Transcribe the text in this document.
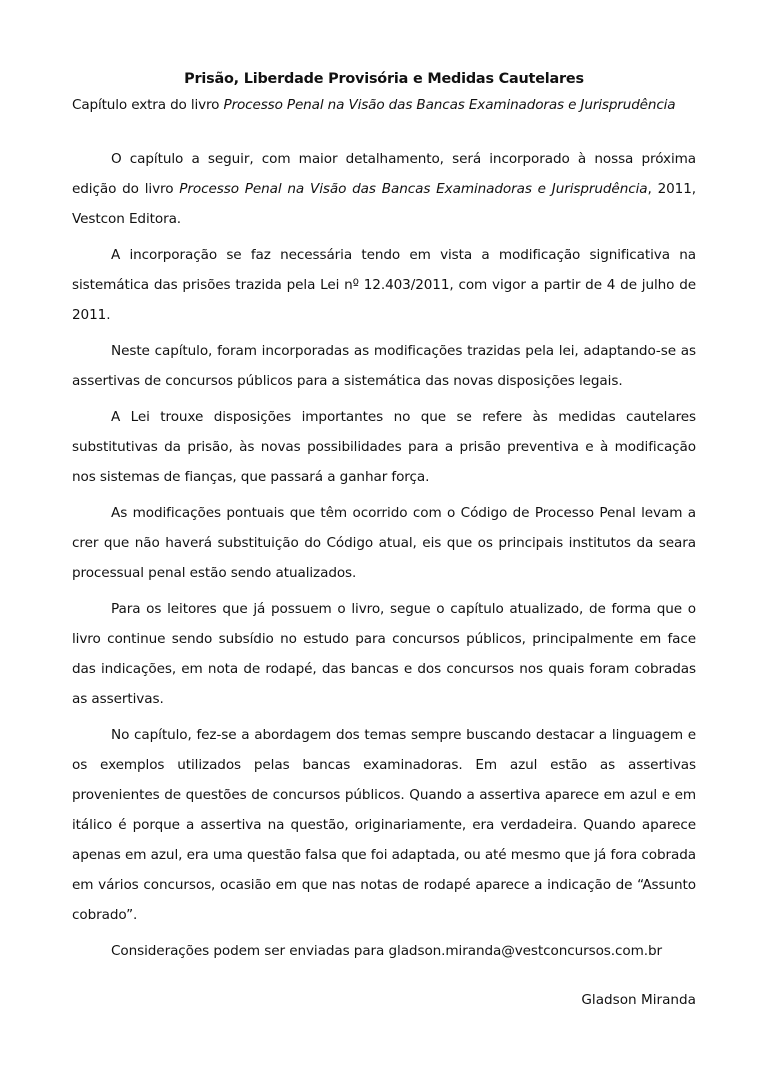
Prisão, Liberdade Provisória e Medidas Cautelares
Capítulo extra do livro Processo Penal na Visão das Bancas Examinadoras e Jurisprudência

O capítulo a seguir, com maior detalhamento, será incorporado à nossa próxima edição do livro Processo Penal na Visão das Bancas Examinadoras e Jurisprudência, 2011, Vestcon Editora.

A incorporação se faz necessária tendo em vista a modificação significativa na sistemática das prisões trazida pela Lei nº 12.403/2011, com vigor a partir de 4 de julho de 2011.

Neste capítulo, foram incorporadas as modificações trazidas pela lei, adaptando-se as assertivas de concursos públicos para a sistemática das novas disposições legais.

A Lei trouxe disposições importantes no que se refere às medidas cautelares substitutivas da prisão, às novas possibilidades para a prisão preventiva e à modificação nos sistemas de fianças, que passará a ganhar força.

As modificações pontuais que têm ocorrido com o Código de Processo Penal levam a crer que não haverá substituição do Código atual, eis que os principais institutos da seara processual penal estão sendo atualizados.

Para os leitores que já possuem o livro, segue o capítulo atualizado, de forma que o livro continue sendo subsídio no estudo para concursos públicos, principalmente em face das indicações, em nota de rodapé, das bancas e dos concursos nos quais foram cobradas as assertivas.

No capítulo, fez-se a abordagem dos temas sempre buscando destacar a linguagem e os exemplos utilizados pelas bancas examinadoras. Em azul estão as assertivas provenientes de questões de concursos públicos. Quando a assertiva aparece em azul e em itálico é porque a assertiva na questão, originariamente, era verdadeira. Quando aparece apenas em azul, era uma questão falsa que foi adaptada, ou até mesmo que já fora cobrada em vários concursos, ocasião em que nas notas de rodapé aparece a indicação de “Assunto cobrado”.

Considerações podem ser enviadas para gladson.miranda@vestconcursos.com.br

Gladson Miranda
